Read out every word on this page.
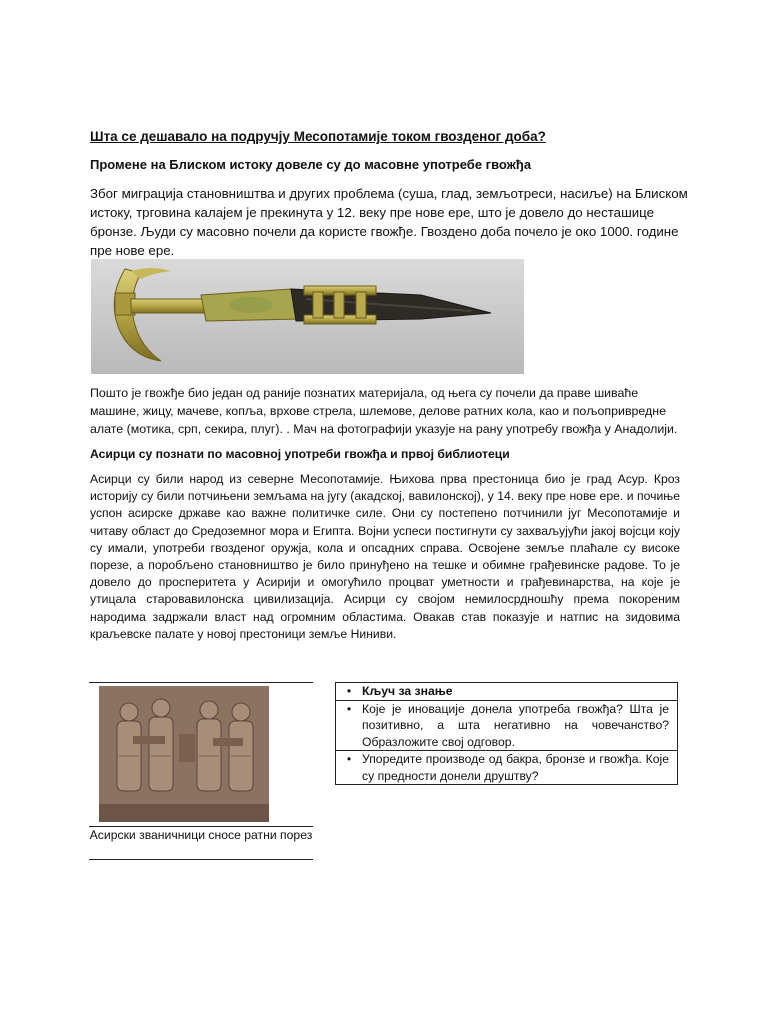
Шта се дешавало на подручју Месопотамије током гвозденог доба?
Промене на Блиском истоку довеле су до масовне употребе гвожђа

Због миграција становништва и других проблема (суша, глад, земљотреси, насиље) на Блиском истоку, трговина калајем је прекинута у 12. веку пре нове ере, што је довело до несташице бронзе. Људи су масовно почели да користе гвожђе. Гвоздено доба почело је око 1000. године пре нове ере.

Пошто је гвожђе био један од раније познатих материјала, од њега су почели да праве шиваће машине, жицу, мачеве, копља, врхове стрела, шлемове, делове ратних кола, као и пољопривредне алате (мотика, срп, секира, плуг). . Мач на фотографији указује на рану употребу гвожђа у Анадолији.
Асирци су познати по масовној употреби гвожђа и првој библиотеци
Асирци су били народ из северне Месопотамије. Њихова прва престоница био је град Асур. Кроз историју су били потчињени земљама на југу (акадској, вавилонској), у 14. веку пре нове ере. и почиње успон асирске државе као важне политичке силе. Они су постепено потчинили југ Месопотамије и читаву област до Средоземног мора и Египта. Војни успеси постигнути су захваљујући јакој војсци коју су имали, употреби гвозденог оружја, кола и опсадних справа. Освојене земље плаћале су високе порезе, а поробљено становништво је било принуђено на тешке и обимне грађевинске радове. То је довело до просперитета у Асирији и омогућило процват уметности и грађевинарства, на које је утицала старовавилонска цивилизација. Асирци су својом немилосрдношћу према покореним народима задржали власт над огромним областима. Овакав став показује и натпис на зидовима краљевске палате у новој престоници земље Ниниви.
Асирски званичници сносе ратни порез
•	Кључ за знање
•	Које је иновације донела употреба гвожђа? Шта је позитивно, а шта негативно на човечанство? Образложите свој одговор.
•	Упоредите производе од бакра, бронзе и гвожђа. Које су предности донели друштву?
